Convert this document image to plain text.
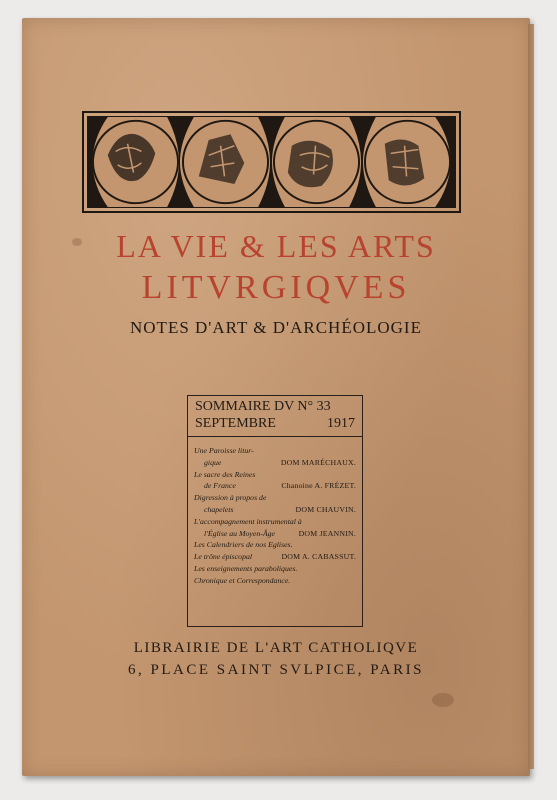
LA VIE & LES ARTS
LITVRGIQVES
NOTES D'ART & D'ARCHÉOLOGIE
SOMMAIRE DV N° 33
SEPTEMBRE	1917
Une Paroisse litur-
gique	DOM MARÉCHAUX.
Le sacre des Reines
de France	Chanoine A. FRÉZET.
Digression à propos de
chapelets	DOM CHAUVIN.
L'accompagnement instrumental à
l'Église au Moyen-Âge	DOM JEANNIN.
Les Calendriers de nos Eglises.
Le trône épiscopal	DOM A. CABASSUT.
Les enseignements paraboliques.
Chronique et Correspondance.
LIBRAIRIE DE L'ART CATHOLIQVE
6, PLACE SAINT SVLPICE, PARIS
